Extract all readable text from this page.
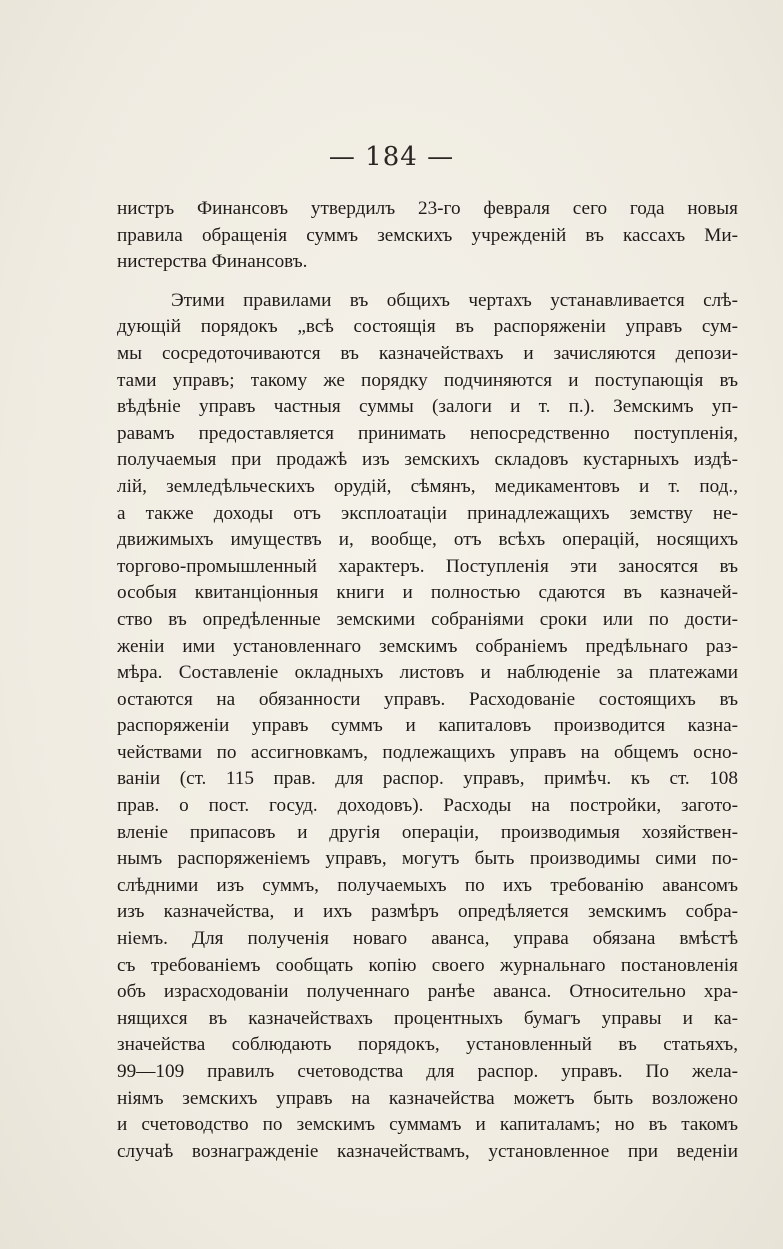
— 184 —
нистръ Финансовъ утвердилъ 23-го февраля сего года новыя
правила обращенія суммъ земскихъ учрежденій въ кассахъ Ми-
нистерства Финансовъ.
Этими правилами въ общихъ чертахъ устанавливается слѣ-
дующій порядокъ „всѣ состоящія въ распоряженіи управъ сум-
мы сосредоточиваются въ казначействахъ и зачисляются депози-
тами управъ; такому же порядку подчиняются и поступающія въ
вѣдѣніе управъ частныя суммы (залоги и т. п.). Земскимъ уп-
равамъ предоставляется принимать непосредственно поступленія,
получаемыя при продажѣ изъ земскихъ складовъ кустарныхъ издѣ-
лій, земледѣльческихъ орудій, сѣмянъ, медикаментовъ и т. под.,
а также доходы отъ эксплоатаціи принадлежащихъ земству не-
движимыхъ имуществъ и, вообще, отъ всѣхъ операцій, носящихъ
торгово-промышленный характеръ. Поступленія эти заносятся въ
особыя квитанціонныя книги и полностью сдаются въ казначей-
ство въ опредѣленные земскими собраніями сроки или по дости-
женіи ими установленнаго земскимъ собраніемъ предѣльнаго раз-
мѣра. Составленіе окладныхъ листовъ и наблюденіе за платежами
остаются на обязанности управъ. Расходованіе состоящихъ въ
распоряженіи управъ суммъ и капиталовъ производится казна-
чействами по ассигновкамъ, подлежащихъ управъ на общемъ осно-
ваніи (ст. 115 прав. для распор. управъ, примѣч. къ ст. 108
прав. о пост. госуд. доходовъ). Расходы на постройки, загото-
вленіе припасовъ и другія операціи, производимыя хозяйствен-
нымъ распоряженіемъ управъ, могутъ быть производимы сими по-
слѣдними изъ суммъ, получаемыхъ по ихъ требованію авансомъ
изъ казначейства, и ихъ размѣръ опредѣляется земскимъ собра-
ніемъ. Для полученія новаго аванса, управа обязана вмѣстѣ
съ требованіемъ сообщать копію своего журнальнаго постановленія
объ израсходованіи полученнаго ранѣе аванса. Относительно хра-
нящихся въ казначействахъ процентныхъ бумагъ управы и ка-
значейства соблюдають порядокъ, установленный въ статьяхъ,
99—109 правилъ счетоводства для распор. управъ. По жела-
ніямъ земскихъ управъ на казначейства можетъ быть возложено
и счетоводство по земскимъ суммамъ и капиталамъ; но въ такомъ
случаѣ вознагражденіе казначействамъ, установленное при веденіи
